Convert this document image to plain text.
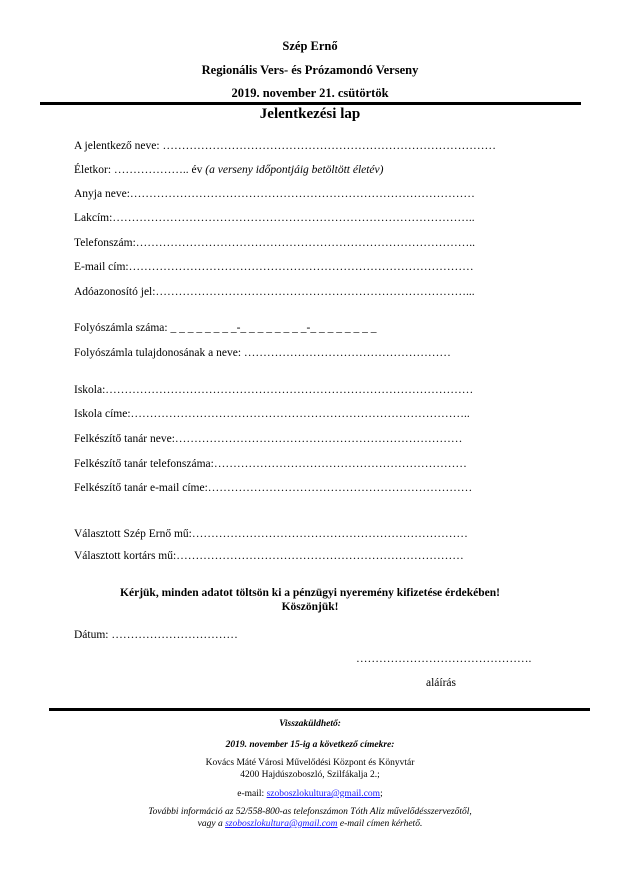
Szép Ernő
Regionális Vers- és Prózamondó Verseny
2019. november 21. csütörtök
Jelentkezési lap
A jelentkező neve: ……………………………………………………………………………
Életkor: ……………….. év (a verseny időpontjáig betöltött életév)
Anyja neve:………………………………………………………………………………
Lakcím:…………………………………………………………………………………..
Telefonszám:……………………………………………………………………………..
E-mail cím:………………………………………………………………………………
Adóazonosító jel:………………………………………………………………………...
Folyószámla száma: _ _ _ _ _ _ _ _-_ _ _ _ _ _ _ _-_ _ _ _ _ _ _ _
Folyószámla tulajdonosának a neve: ………………………………………………
Iskola:……………………………………………………………………………………
Iskola címe:……………………………………………………………………………..
Felkészítő tanár neve:…………………………………………………………………
Felkészítő tanár telefonszáma:…………………………………………………………
Felkészítő tanár e-mail címe:……………………………………………………………
Választott Szép Ernő mű:………………………………………………………………
Választott kortárs mű:…………………………………………………………………
Kérjük, minden adatot töltsön ki a pénzügyi nyeremény kifizetése érdekében!
Köszönjük!
Dátum: ……………………………
……………………………………….
aláírás
Visszaküldhető:
2019. november 15-ig a következő címekre:
Kovács Máté Városi Művelődési Központ és Könyvtár
4200 Hajdúszoboszló, Szilfákalja 2.;
e-mail: szoboszlokultura@gmail.com;
További információ az 52/558-800-as telefonszámon Tóth Aliz művelődésszervezőtől,
vagy a szoboszlokultura@gmail.com e-mail címen kérhető.
